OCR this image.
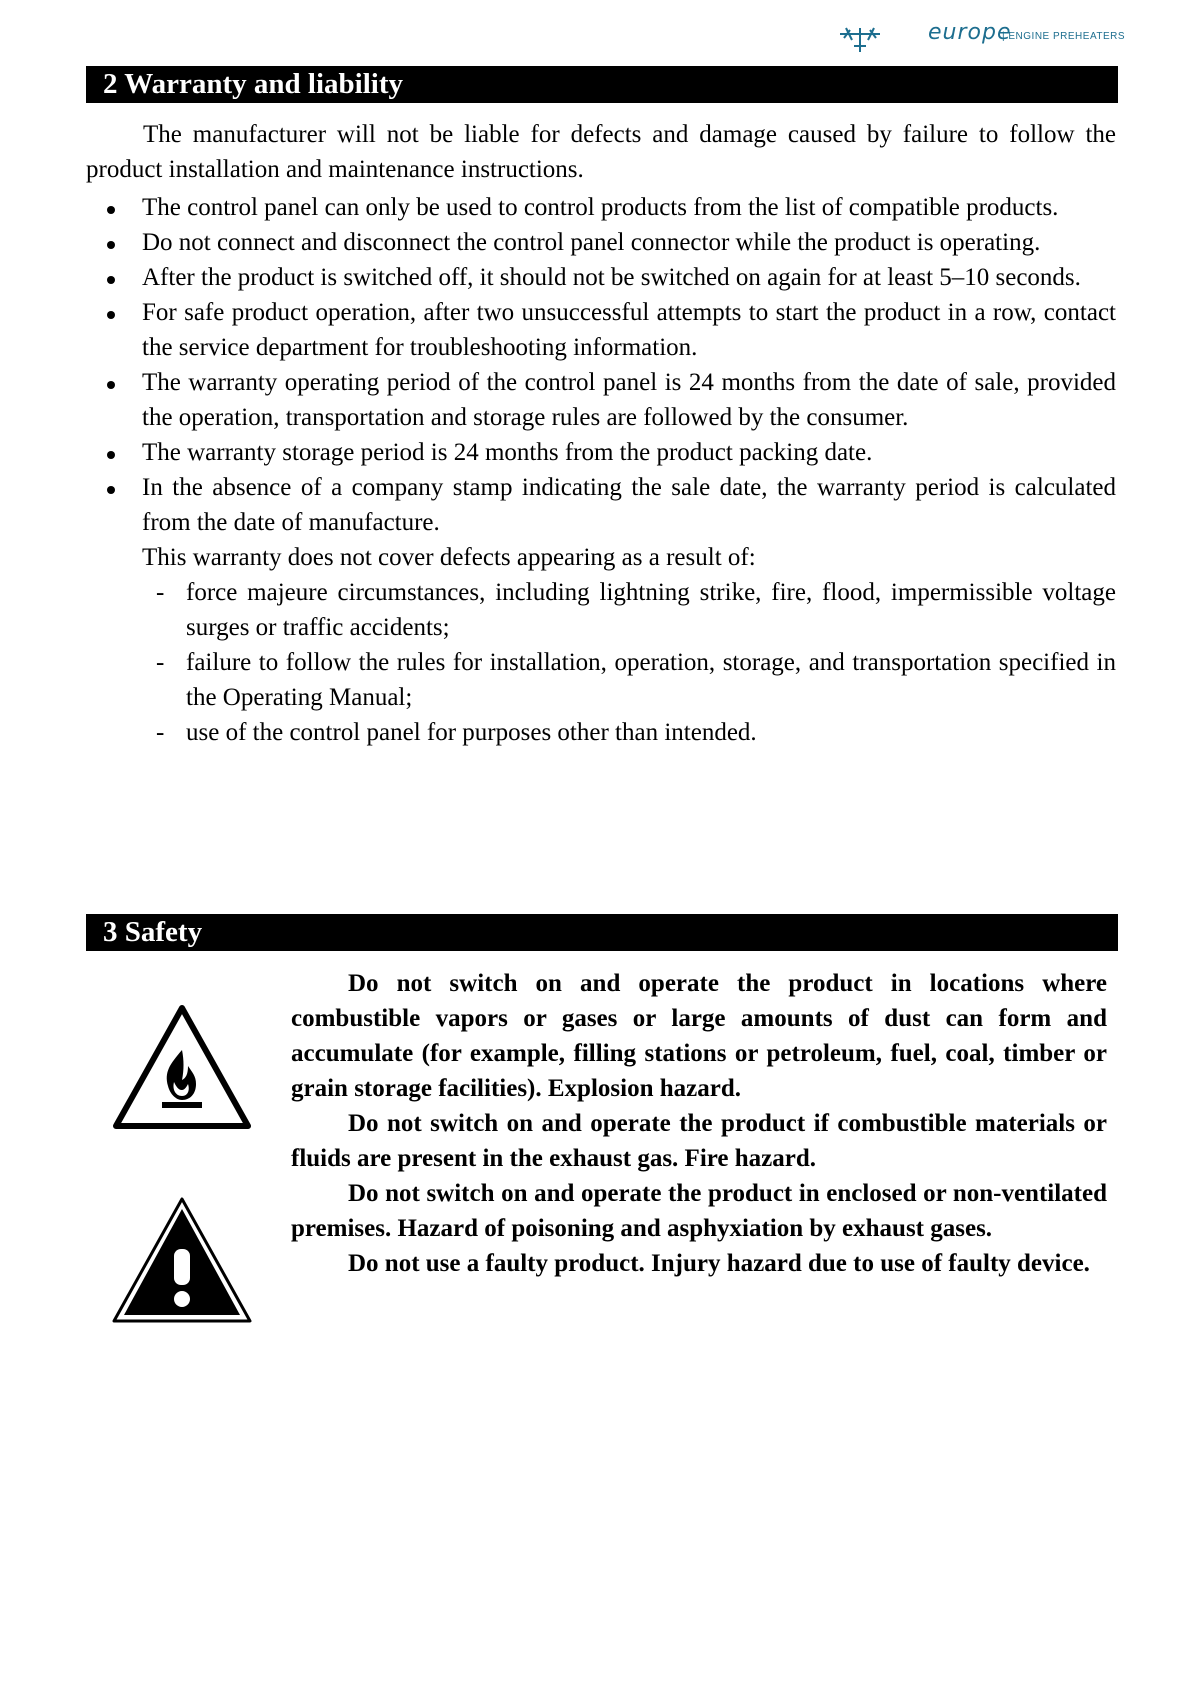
europe
| ENGINE PREHEATERS
2 Warranty and liability

The manufacturer will not be liable for defects and damage caused by failure to follow the product installation and maintenance instructions.

The control panel can only be used to control products from the list of compatible products.

Do not connect and disconnect the control panel connector while the product is operating.

After the product is switched off, it should not be switched on again for at least 5–10 seconds.

For safe product operation, after two unsuccessful attempts to start the product in a row, contact the service department for troubleshooting information.

The warranty operating period of the control panel is 24 months from the date of sale, provided the operation, transportation and storage rules are followed by the consumer.

The warranty storage period is 24 months from the product packing date.

In the absence of a company stamp indicating the sale date, the warranty period is calculated from the date of manufacture.

This warranty does not cover defects appearing as a result of:

- force majeure circumstances, including lightning strike, fire, flood, impermissible voltage surges or traffic accidents;

- failure to follow the rules for installation, operation, storage, and transportation specified in the Operating Manual;

- use of the control panel for purposes other than intended.

3 Safety

Do not switch on and operate the product in locations where combustible vapors or gases or large amounts of dust can form and accumulate (for example, filling stations or petroleum, fuel, coal, timber or grain storage facilities). Explosion hazard.

Do not switch on and operate the product if combustible materials or fluids are present in the exhaust gas. Fire hazard.

Do not switch on and operate the product in enclosed or non-ventilated premises. Hazard of poisoning and asphyxiation by exhaust gases.

Do not use a faulty product. Injury hazard due to use of faulty device.
